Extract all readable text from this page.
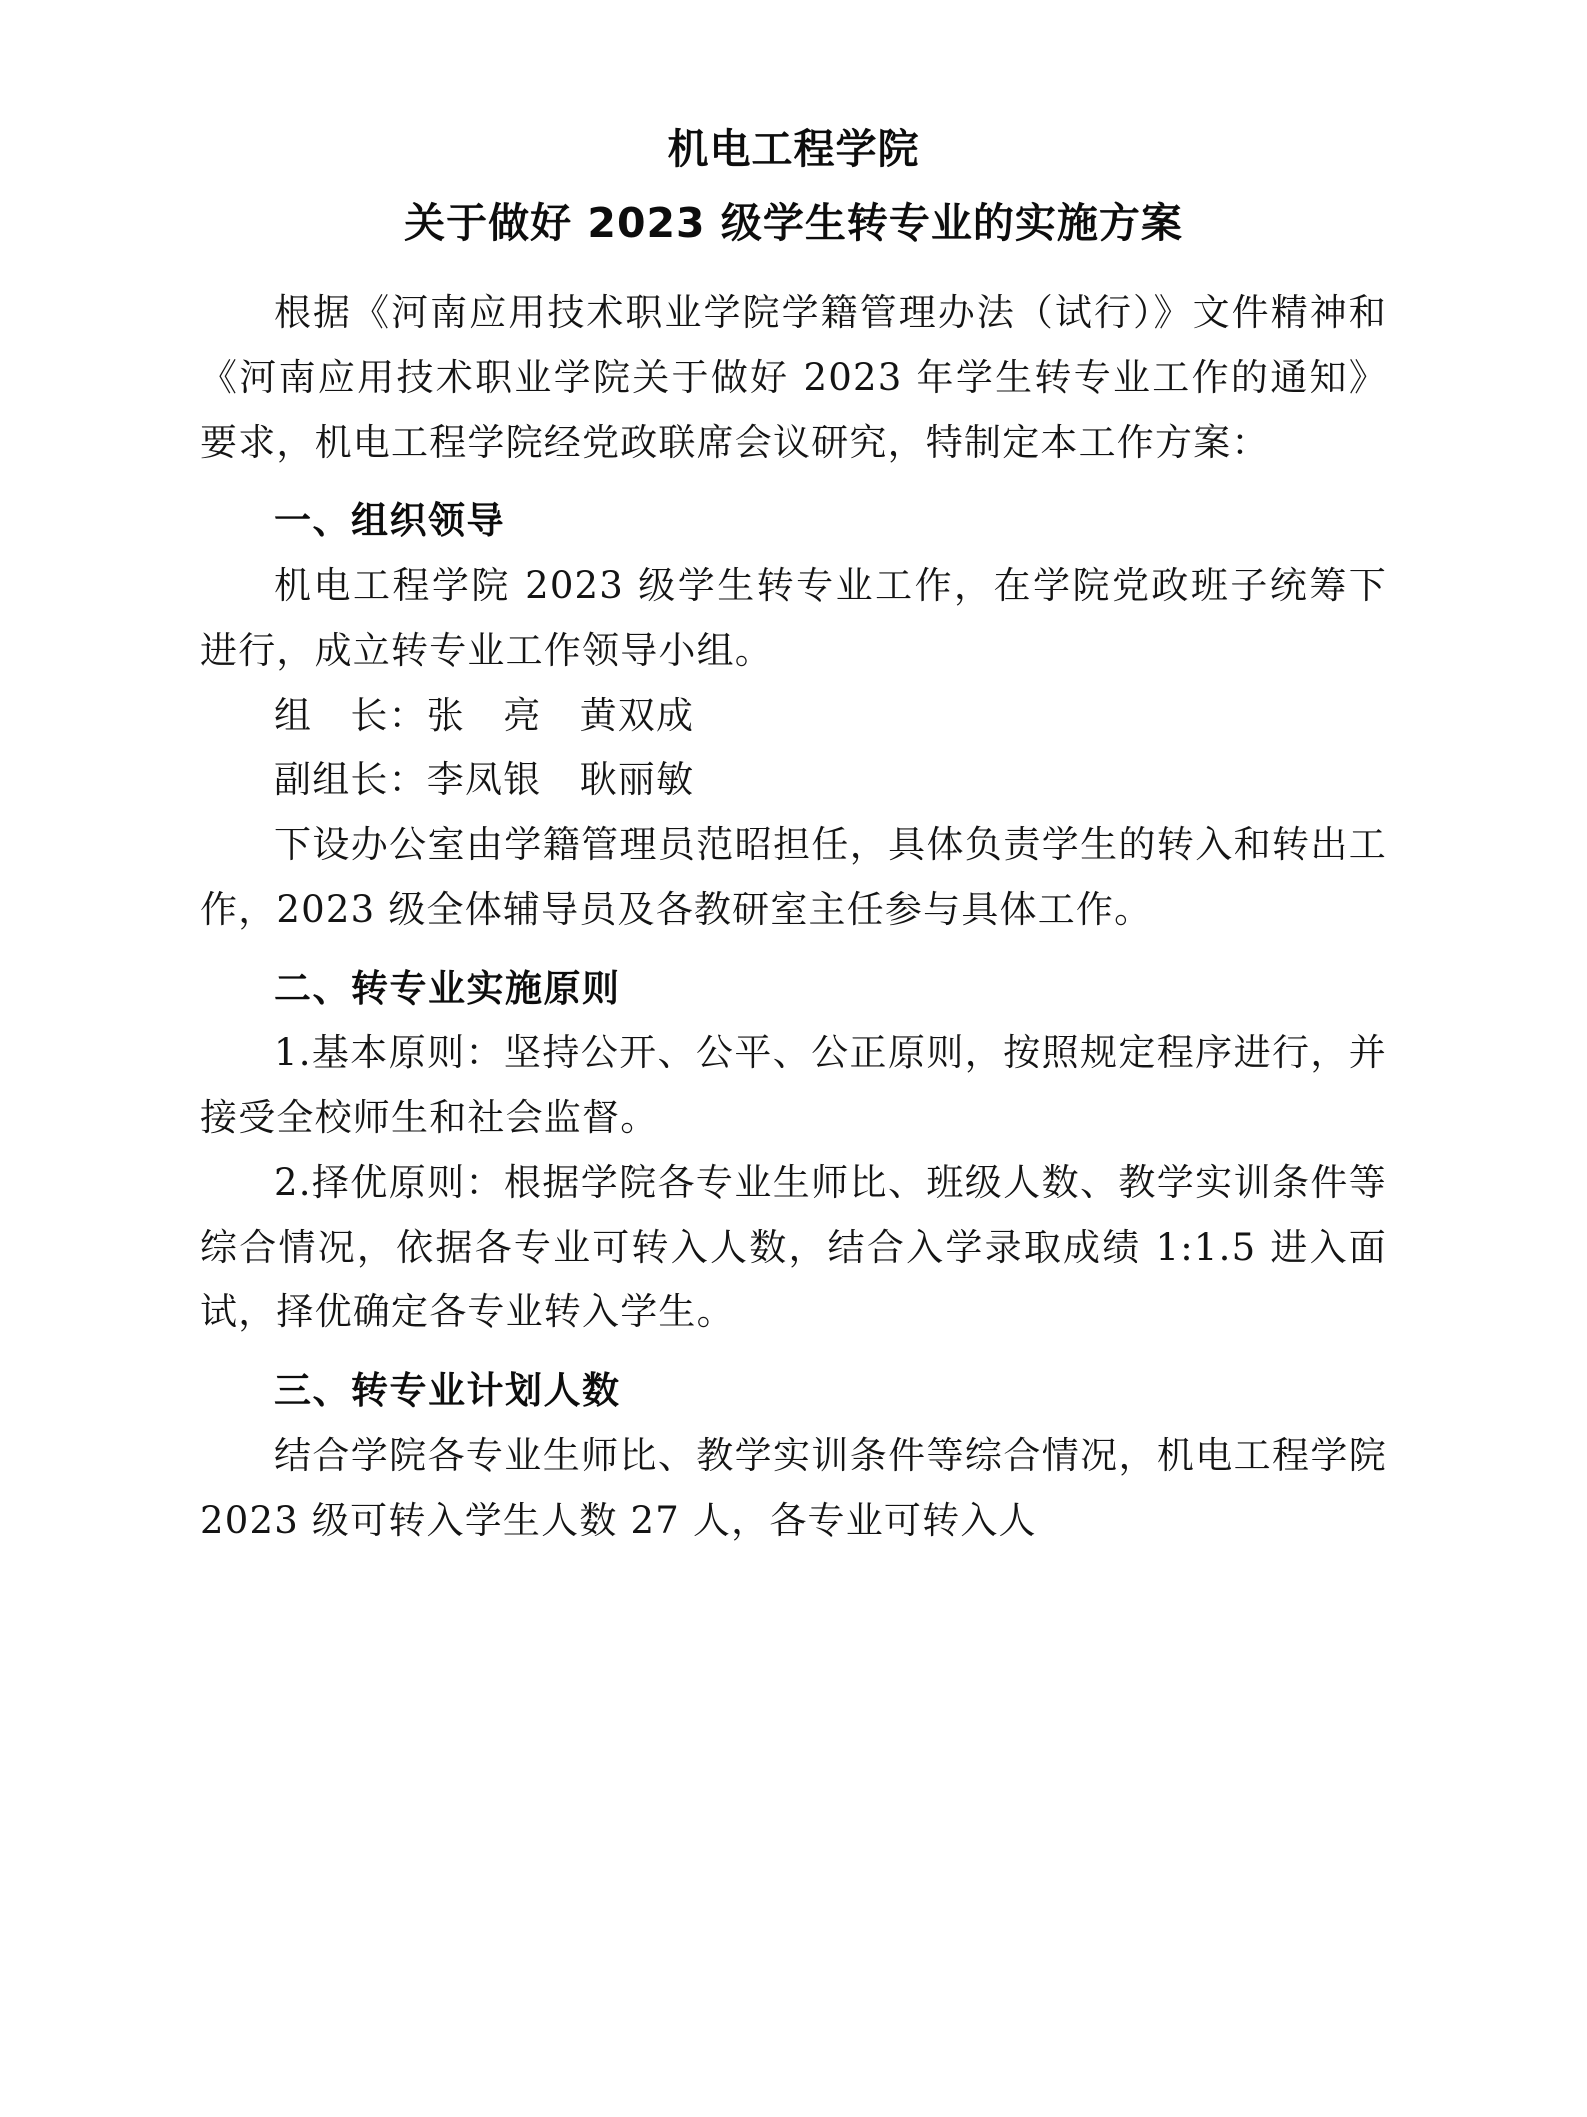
机电工程学院
关于做好 2023 级学生转专业的实施方案

根据《河南应用技术职业学院学籍管理办法（试行）》文件精神和《河南应用技术职业学院关于做好 2023 年学生转专业工作的通知》要求，机电工程学院经党政联席会议研究，特制定本工作方案：

一、组织领导

机电工程学院 2023 级学生转专业工作，在学院党政班子统筹下进行，成立转专业工作领导小组。

组　长：张　亮　黄双成

副组长：李凤银　耿丽敏

下设办公室由学籍管理员范昭担任，具体负责学生的转入和转出工作，2023 级全体辅导员及各教研室主任参与具体工作。

二、转专业实施原则

1.基本原则：坚持公开、公平、公正原则，按照规定程序进行，并接受全校师生和社会监督。

2.择优原则：根据学院各专业生师比、班级人数、教学实训条件等综合情况，依据各专业可转入人数，结合入学录取成绩 1:1.5 进入面试，择优确定各专业转入学生。

三、转专业计划人数

结合学院各专业生师比、教学实训条件等综合情况，机电工程学院 2023 级可转入学生人数 27 人，各专业可转入人
